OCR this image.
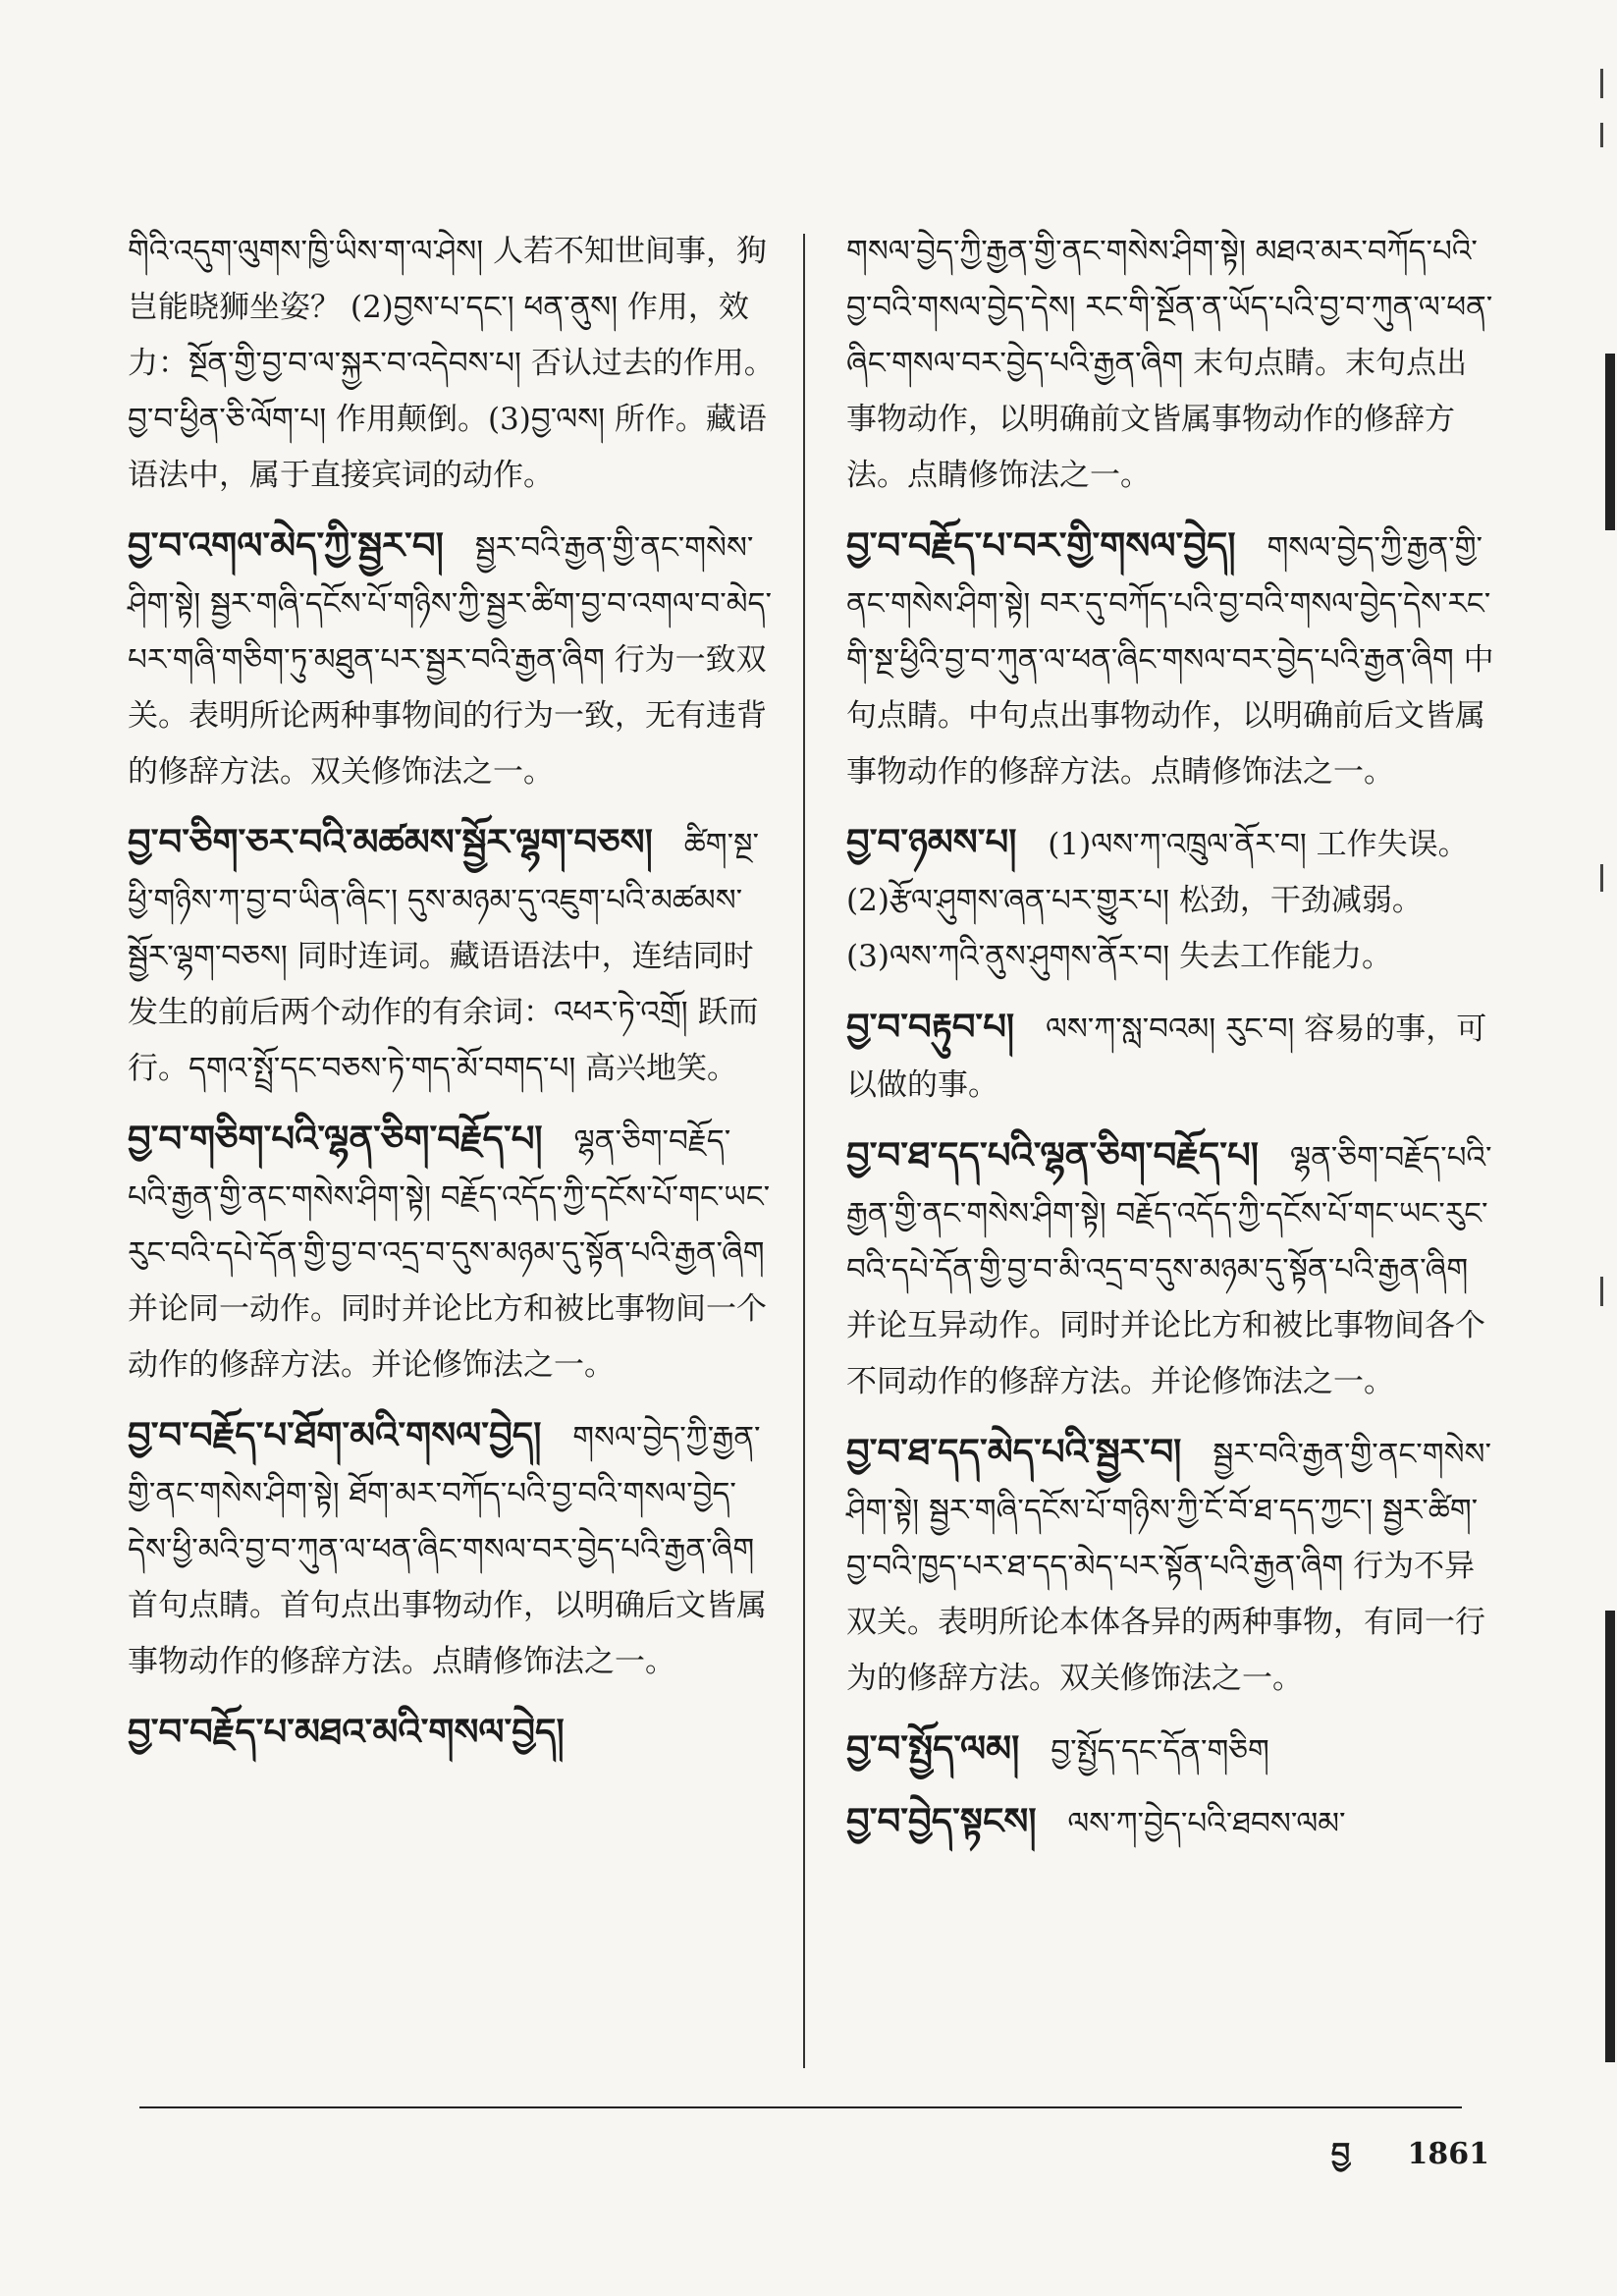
གིའི་འདུག་ལུགས་ཁྱི་ཡིས་ག་ལ་ཤེས། 人若不知世间事，狗岂能晓狮坐姿？ (2)བྱས་པ་དང་། ཕན་ནུས། 作用，效力：སྔོན་གྱི་བྱ་བ་ལ་སྐྱར་བ་འདེབས་པ། 否认过去的作用。བྱ་བ་ཕྱིན་ཅི་ལོག་པ། 作用颠倒。(3)བྱ་ལས། 所作。藏语语法中，属于直接宾词的动作。
བྱ་བ་འགལ་མེད་ཀྱི་སྦྱར་བ། སྦྱར་བའི་རྒྱན་གྱི་ནང་གསེས་ཤིག་སྟེ། སྦྱར་གཞི་དངོས་པོ་གཉིས་ཀྱི་སྦྱར་ཚིག་བྱ་བ་འགལ་བ་མེད་པར་གཞི་གཅིག་ཏུ་མཐུན་པར་སྦྱར་བའི་རྒྱན་ཞིག 行为一致双关。表明所论两种事物间的行为一致，无有违背的修辞方法。双关修饰法之一。
བྱ་བ་ཅིག་ཅར་བའི་མཚམས་སྦྱོར་ལྷག་བཅས། ཚིག་སྔ་ཕྱི་གཉིས་ཀ་བྱ་བ་ཡིན་ཞིང་། དུས་མཉམ་དུ་འཇུག་པའི་མཚམས་སྦྱོར་ལྷག་བཅས། 同时连词。藏语语法中，连结同时发生的前后两个动作的有余词：འཕར་ཏེ་འགྲོ། 跃而行。དགའ་སྤྲོ་དང་བཅས་ཏེ་གད་མོ་བགད་པ། 高兴地笑。
བྱ་བ་གཅིག་པའི་ལྷན་ཅིག་བརྗོད་པ། ལྷན་ཅིག་བརྗོད་པའི་རྒྱན་གྱི་ནང་གསེས་ཤིག་སྟེ། བརྗོད་འདོད་ཀྱི་དངོས་པོ་གང་ཡང་རུང་བའི་དཔེ་དོན་གྱི་བྱ་བ་འདྲ་བ་དུས་མཉམ་དུ་སྟོན་པའི་རྒྱན་ཞིག 并论同一动作。同时并论比方和被比事物间一个动作的修辞方法。并论修饰法之一。
བྱ་བ་བརྗོད་པ་ཐོག་མའི་གསལ་བྱེད། གསལ་བྱེད་ཀྱི་རྒྱན་གྱི་ནང་གསེས་ཤིག་སྟེ། ཐོག་མར་བཀོད་པའི་བྱ་བའི་གསལ་བྱེད་དེས་ཕྱི་མའི་བྱ་བ་ཀུན་ལ་ཕན་ཞིང་གསལ་བར་བྱེད་པའི་རྒྱན་ཞིག 首句点睛。首句点出事物动作，以明确后文皆属事物动作的修辞方法。点睛修饰法之一。
བྱ་བ་བརྗོད་པ་མཐའ་མའི་གསལ་བྱེད།
གསལ་བྱེད་ཀྱི་རྒྱན་གྱི་ནང་གསེས་ཤིག་སྟེ། མཐའ་མར་བཀོད་པའི་བྱ་བའི་གསལ་བྱེད་དེས། རང་གི་སྔོན་ན་ཡོད་པའི་བྱ་བ་ཀུན་ལ་ཕན་ཞིང་གསལ་བར་བྱེད་པའི་རྒྱན་ཞིག 末句点睛。末句点出事物动作，以明确前文皆属事物动作的修辞方法。点睛修饰法之一。
བྱ་བ་བརྗོད་པ་བར་གྱི་གསལ་བྱེད། གསལ་བྱེད་ཀྱི་རྒྱན་གྱི་ནང་གསེས་ཤིག་སྟེ། བར་དུ་བཀོད་པའི་བྱ་བའི་གསལ་བྱེད་དེས་རང་གི་སྔ་ཕྱིའི་བྱ་བ་ཀུན་ལ་ཕན་ཞིང་གསལ་བར་བྱེད་པའི་རྒྱན་ཞིག 中句点睛。中句点出事物动作，以明确前后文皆属事物动作的修辞方法。点睛修饰法之一。
བྱ་བ་ཉམས་པ། (1)ལས་ཀ་འཁྲུལ་ནོར་བ། 工作失误。(2)རྩོལ་ཤུགས་ཞན་པར་གྱུར་པ། 松劲，干劲减弱。(3)ལས་ཀའི་ནུས་ཤུགས་ནོར་བ། 失去工作能力。
བྱ་བ་བརྟུབ་པ། ལས་ཀ་སླ་བའམ། རུང་བ། 容易的事，可以做的事。
བྱ་བ་ཐ་དད་པའི་ལྷན་ཅིག་བརྗོད་པ། ལྷན་ཅིག་བརྗོད་པའི་རྒྱན་གྱི་ནང་གསེས་ཤིག་སྟེ། བརྗོད་འདོད་ཀྱི་དངོས་པོ་གང་ཡང་རུང་བའི་དཔེ་དོན་གྱི་བྱ་བ་མི་འདྲ་བ་དུས་མཉམ་དུ་སྟོན་པའི་རྒྱན་ཞིག 并论互异动作。同时并论比方和被比事物间各个不同动作的修辞方法。并论修饰法之一。
བྱ་བ་ཐ་དད་མེད་པའི་སྦྱར་བ། སྦྱར་བའི་རྒྱན་གྱི་ནང་གསེས་ཤིག་སྟེ། སྦྱར་གཞི་དངོས་པོ་གཉིས་ཀྱི་ངོ་བོ་ཐ་དད་ཀྱང་། སྦྱར་ཚིག་བྱ་བའི་ཁྱད་པར་ཐ་དད་མེད་པར་སྟོན་པའི་རྒྱན་ཞིག 行为不异双关。表明所论本体各异的两种事物，有同一行为的修辞方法。双关修饰法之一。
བྱ་བ་སྤྱོད་ལམ། བྱ་སྤྱོད་དང་དོན་གཅིག
བྱ་བ་བྱེད་སྟངས། ལས་ཀ་བྱེད་པའི་ཐབས་ལམ་
བྱ 1861
